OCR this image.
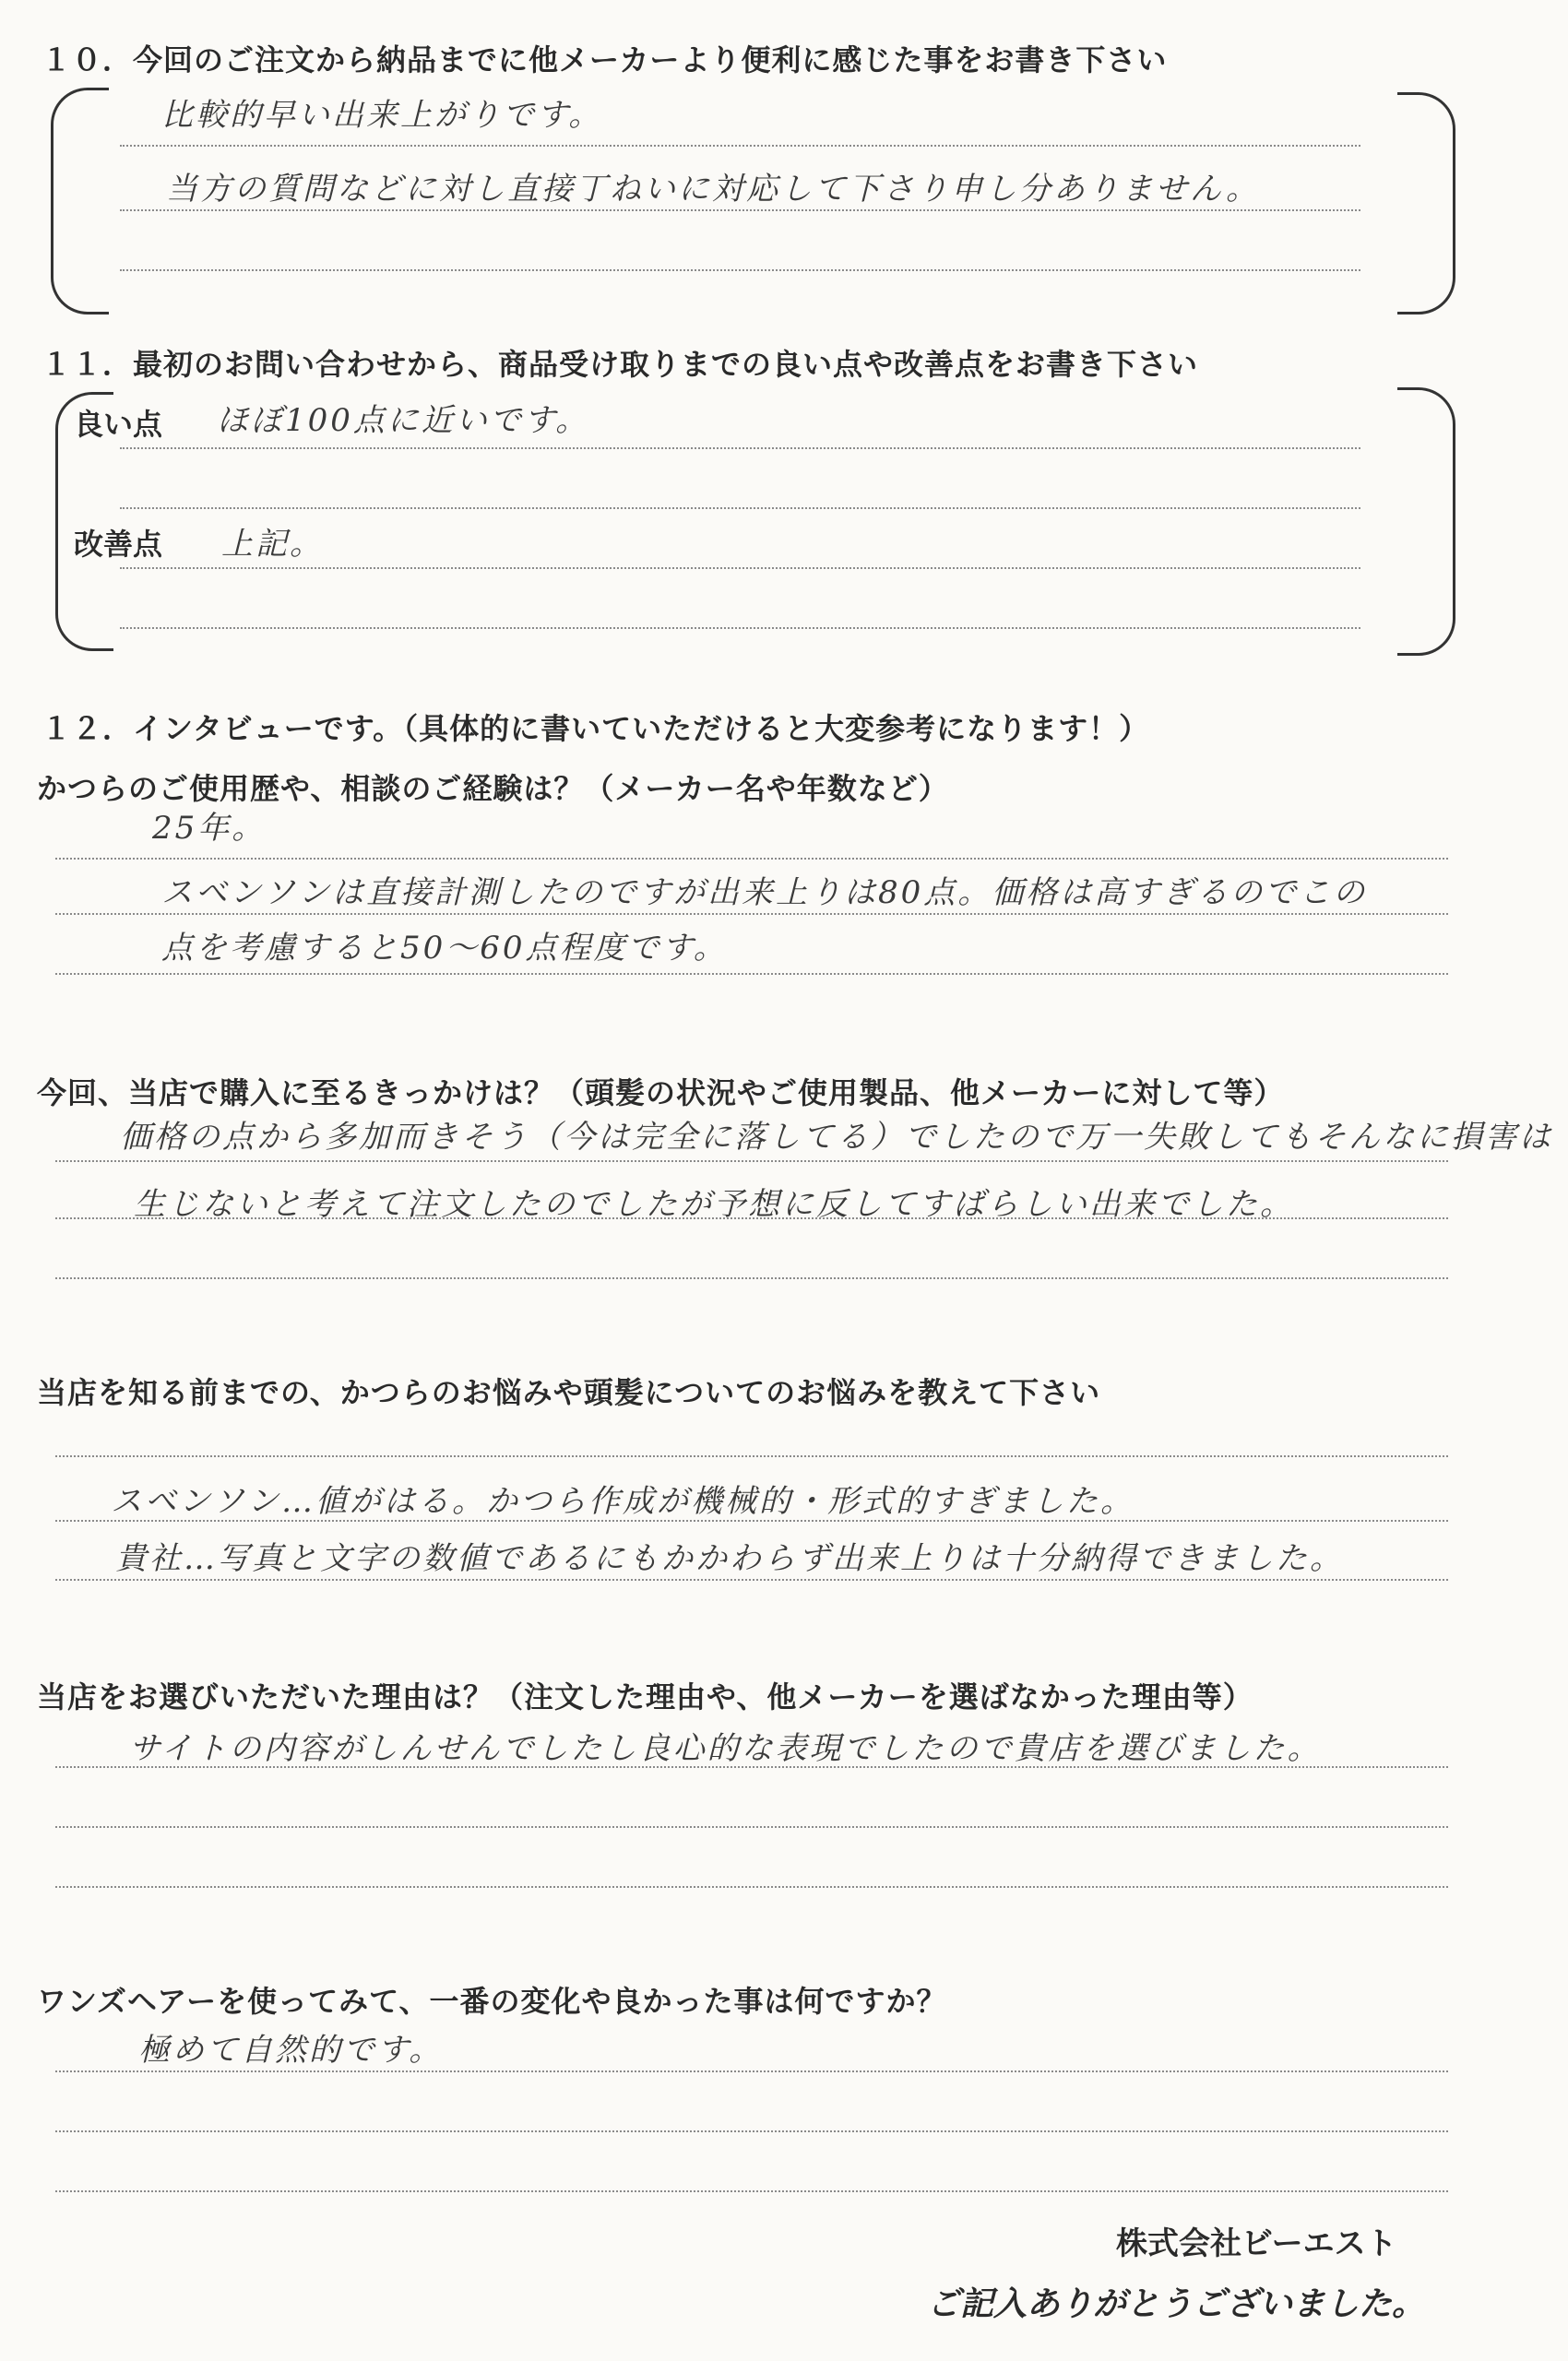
１０．今回のご注文から納品までに他メーカーより便利に感じた事をお書き下さい
比較的早い出来上がりです。
当方の質問などに対し直接丁ねいに対応して下さり申し分ありません。
１１．最初のお問い合わせから、商品受け取りまでの良い点や改善点をお書き下さい
良い点 ほぼ100点に近いです。
改善点 上記。
１２．インタビューです。（具体的に書いていただけると大変参考になります！）
かつらのご使用歴や、相談のご経験は？（メーカー名や年数など）
25年。
スベンソンは直接計測したのですが出来上りは80点。価格は高すぎるのでこの
点を考慮すると50〜60点程度です。
今回、当店で購入に至るきっかけは？（頭髪の状況やご使用製品、他メーカーに対して等）
価格の点から多加而きそう（今は完全に落してる）でしたので万一失敗してもそんなに損害は
生じないと考えて注文したのでしたが予想に反してすばらしい出来でした。
当店を知る前までの、かつらのお悩みや頭髪についてのお悩みを教えて下さい
スベンソン…値がはる。かつら作成が機械的・形式的すぎました。
貴社…写真と文字の数値であるにもかかわらず出来上りは十分納得できました。
当店をお選びいただいた理由は？（注文した理由や、他メーカーを選ばなかった理由等）
サイトの内容がしんせんでしたし良心的な表現でしたので貴店を選びました。
ワンズヘアーを使ってみて、一番の変化や良かった事は何ですか？
極めて自然的です。
株式会社ビーエスト
ご記入ありがとうございました。
